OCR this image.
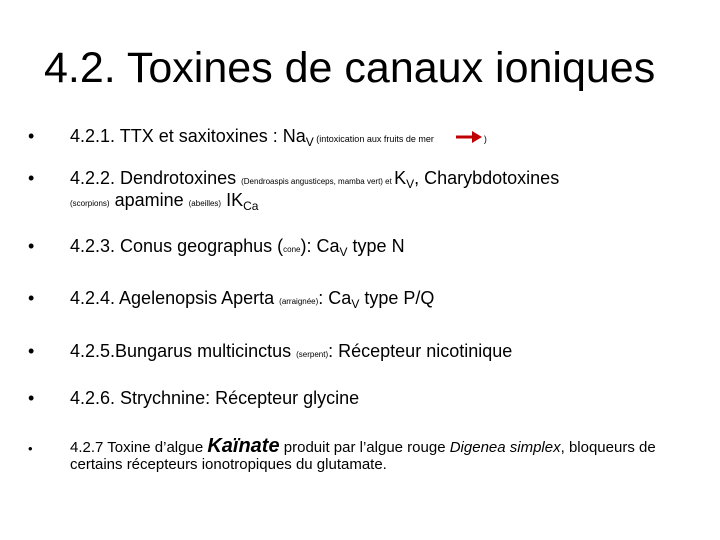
4.2. Toxines de canaux ioniques
•	4.2.1. TTX et saxitoxines : $Na_V$ (intoxication aux fruits de mer	)
•	4.2.2. Dendrotoxines (Dendroaspis angusticeps, mamba vert) et $K_V$, Charybdotoxines
(scorpions) apamine (abeilles) $IK_{Ca}$
•	4.2.3. Conus geographus (cone): $Ca_V$ type N
•	4.2.4. Agelenopsis Aperta (arraignée): $Ca_V$ type P/Q
•	4.2.5.Bungarus multicinctus (serpent): Récepteur nicotinique
•	4.2.6. Strychnine: Récepteur glycine
•	4.2.7 Toxine d’algue Kaïnate produit par l’algue rouge Digenea simplex, bloqueurs de certains récepteurs ionotropiques du glutamate.
